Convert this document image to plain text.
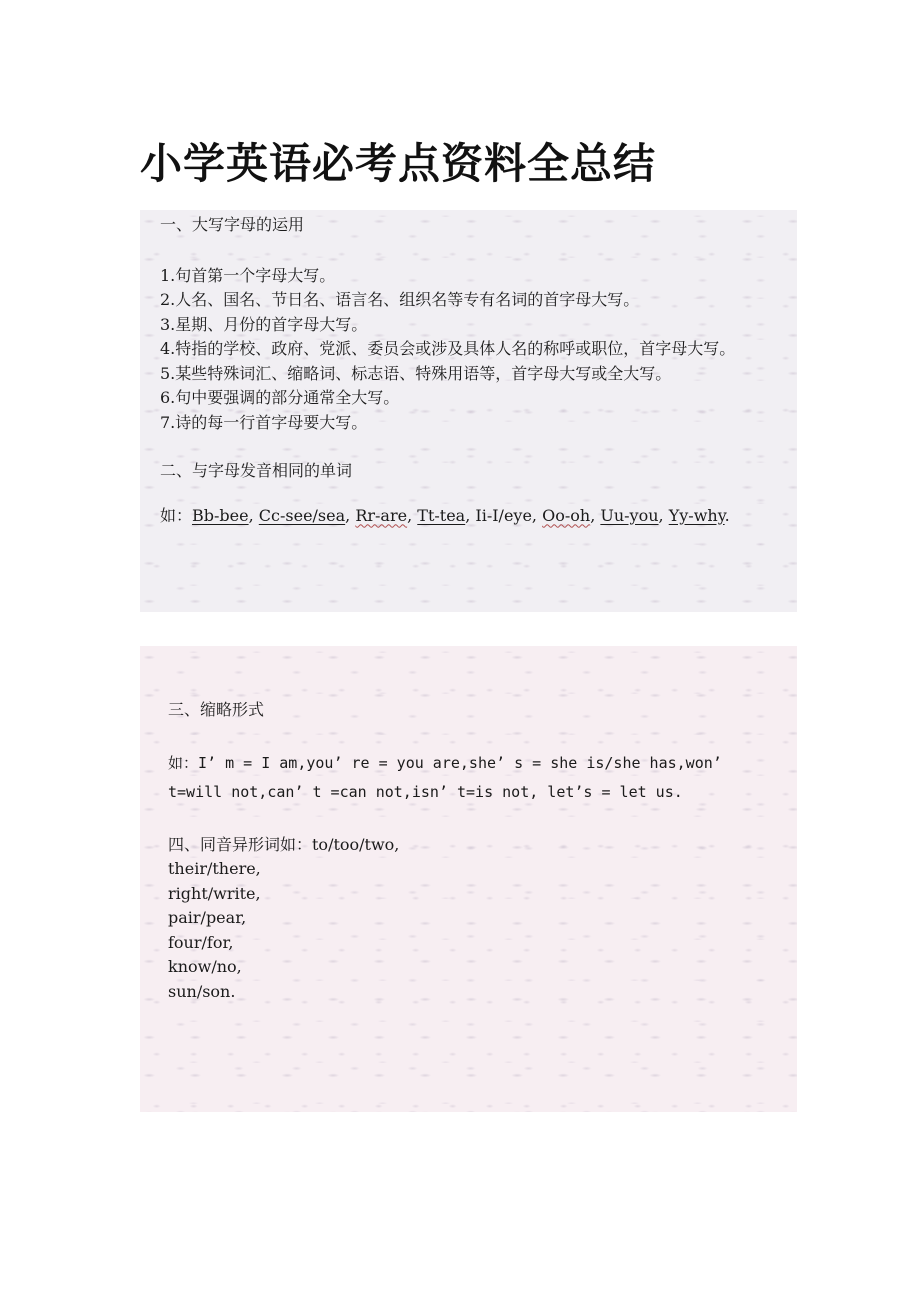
小学英语必考点资料全总结

一、大写字母的运用

1.句首第一个字母大写。

2.人名、国名、节日名、语言名、组织名等专有名词的首字母大写。

3.星期、月份的首字母大写。

4.特指的学校、政府、党派、委员会或涉及具体人名的称呼或职位，首字母大写。

5.某些特殊词汇、缩略词、标志语、特殊用语等，首字母大写或全大写。

6.句中要强调的部分通常全大写。

7.诗的每一行首字母要大写。

二、与字母发音相同的单词

如：Bb-bee, Cc-see/sea, Rr-are, Tt-tea, Ii-I/eye, Oo-oh, Uu-you, Yy-why.

三、缩略形式

如：I’ m = I am,you’ re = you are,she’ s = she is/she has,won’ t=will not,can’ t =can not,isn’ t=is not, let’s = let us.

四、同音异形词如：to/too/two,

their/there,

right/write,

pair/pear,

four/for,

know/no,

sun/son.
